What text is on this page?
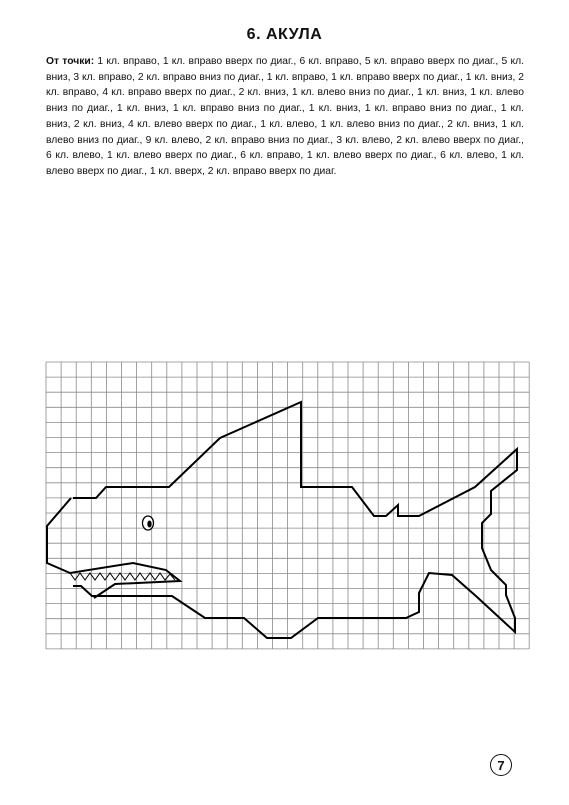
6. АКУЛА
От точки: 1 кл. вправо, 1 кл. вправо вверх по диаг., 6 кл. вправо, 5 кл. вправо вверх по диаг., 5 кл. вниз, 3 кл. вправо, 2 кл. вправо вниз по диаг., 1 кл. вправо, 1 кл. вправо вверх по диаг., 1 кл. вниз, 2 кл. вправо, 4 кл. вправо вверх по диаг., 2 кл. вниз, 1 кл. влево вниз по диаг., 1 кл. вниз, 1 кл. влево вниз по диаг., 1 кл. вниз, 1 кл. вправо вниз по диаг., 1 кл. вниз, 1 кл. вправо вниз по диаг., 1 кл. вниз, 2 кл. вниз, 4 кл. влево вверх по диаг., 1 кл. влево, 1 кл. влево вниз по диаг., 2 кл. вниз, 1 кл. влево вниз по диаг., 9 кл. влево, 2 кл. вправо вниз по диаг., 3 кл. влево, 2 кл. влево вверх по диаг., 6 кл. влево, 1 кл. влево вверх по диаг., 6 кл. вправо, 1 кл. влево вверх по диаг., 6 кл. влево, 1 кл. влево вверх по диаг., 1 кл. вверх, 2 кл. вправо вверх по диаг.
7
